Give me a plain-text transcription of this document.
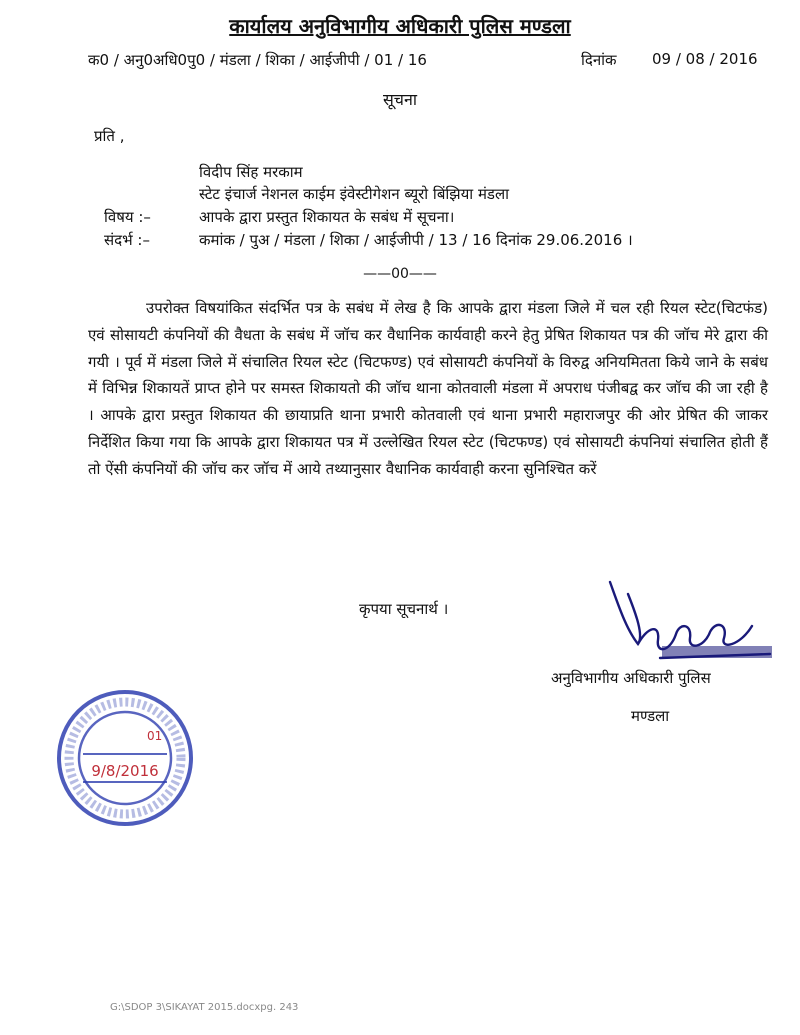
कार्यालय अनुविभागीय अधिकारी पुलिस मण्डला
क0 / अनु0अधि0पु0 / मंडला / शिका / आईजीपी / 01 / 16	दिनांक 09 / 08 / 2016
सूचना
प्रति ,
विदीप सिंह मरकाम
स्टेट इंचार्ज नेशनल काईम इंवेस्टीगेशन ब्यूरो बिंझिया मंडला
विषय :–	आपके द्वारा प्रस्तुत शिकायत के सबंध में सूचना।
संदर्भ :–	कमांक / पुअ / मंडला / शिका / आईजीपी / 13 / 16 दिनांक 29.06.2016 ।
——00——
उपरोक्त विषयांकित संदर्भित पत्र के सबंध में लेख है कि आपके द्वारा मंडला जिले में चल रही रियल स्टेट(चिटफंड) एवं सोसायटी कंपनियों की वैधता के सबंध में जॉच कर वैधानिक कार्यवाही करने हेतु प्रेषित शिकायत पत्र की जॉच मेरे द्वारा की गयी । पूर्व में मंडला जिले में संचालित रियल स्टेट (चिटफण्ड) एवं सोसायटी कंपनियों के विरुद्व अनियमितता किये जाने के सबंध में विभिन्न शिकायतें प्राप्त होने पर समस्त शिकायतो की जॉच थाना कोतवाली मंडला में अपराध पंजीबद्व कर जॉच की जा रही है । आपके द्वारा प्रस्तुत शिकायत की छायाप्रति थाना प्रभारी कोतवाली एवं थाना प्रभारी महाराजपुर की ओर प्रेषित की जाकर निर्देशित किया गया कि आपके द्वारा शिकायत पत्र में उल्लेखित रियल स्टेट (चिटफण्ड) एवं सोसायटी कंपनियां संचालित होती हैं तो ऐंसी कंपनियों की जॉच कर जॉच में आये तथ्यानुसार वैधानिक कार्यवाही करना सुनिश्चित करें
कृपया सूचनार्थ ।
अनुविभागीय अधिकारी पुलिस
मण्डला
01
9/8/2016
G:\SDOP 3\SIKAYAT 2015.docxpg. 243
